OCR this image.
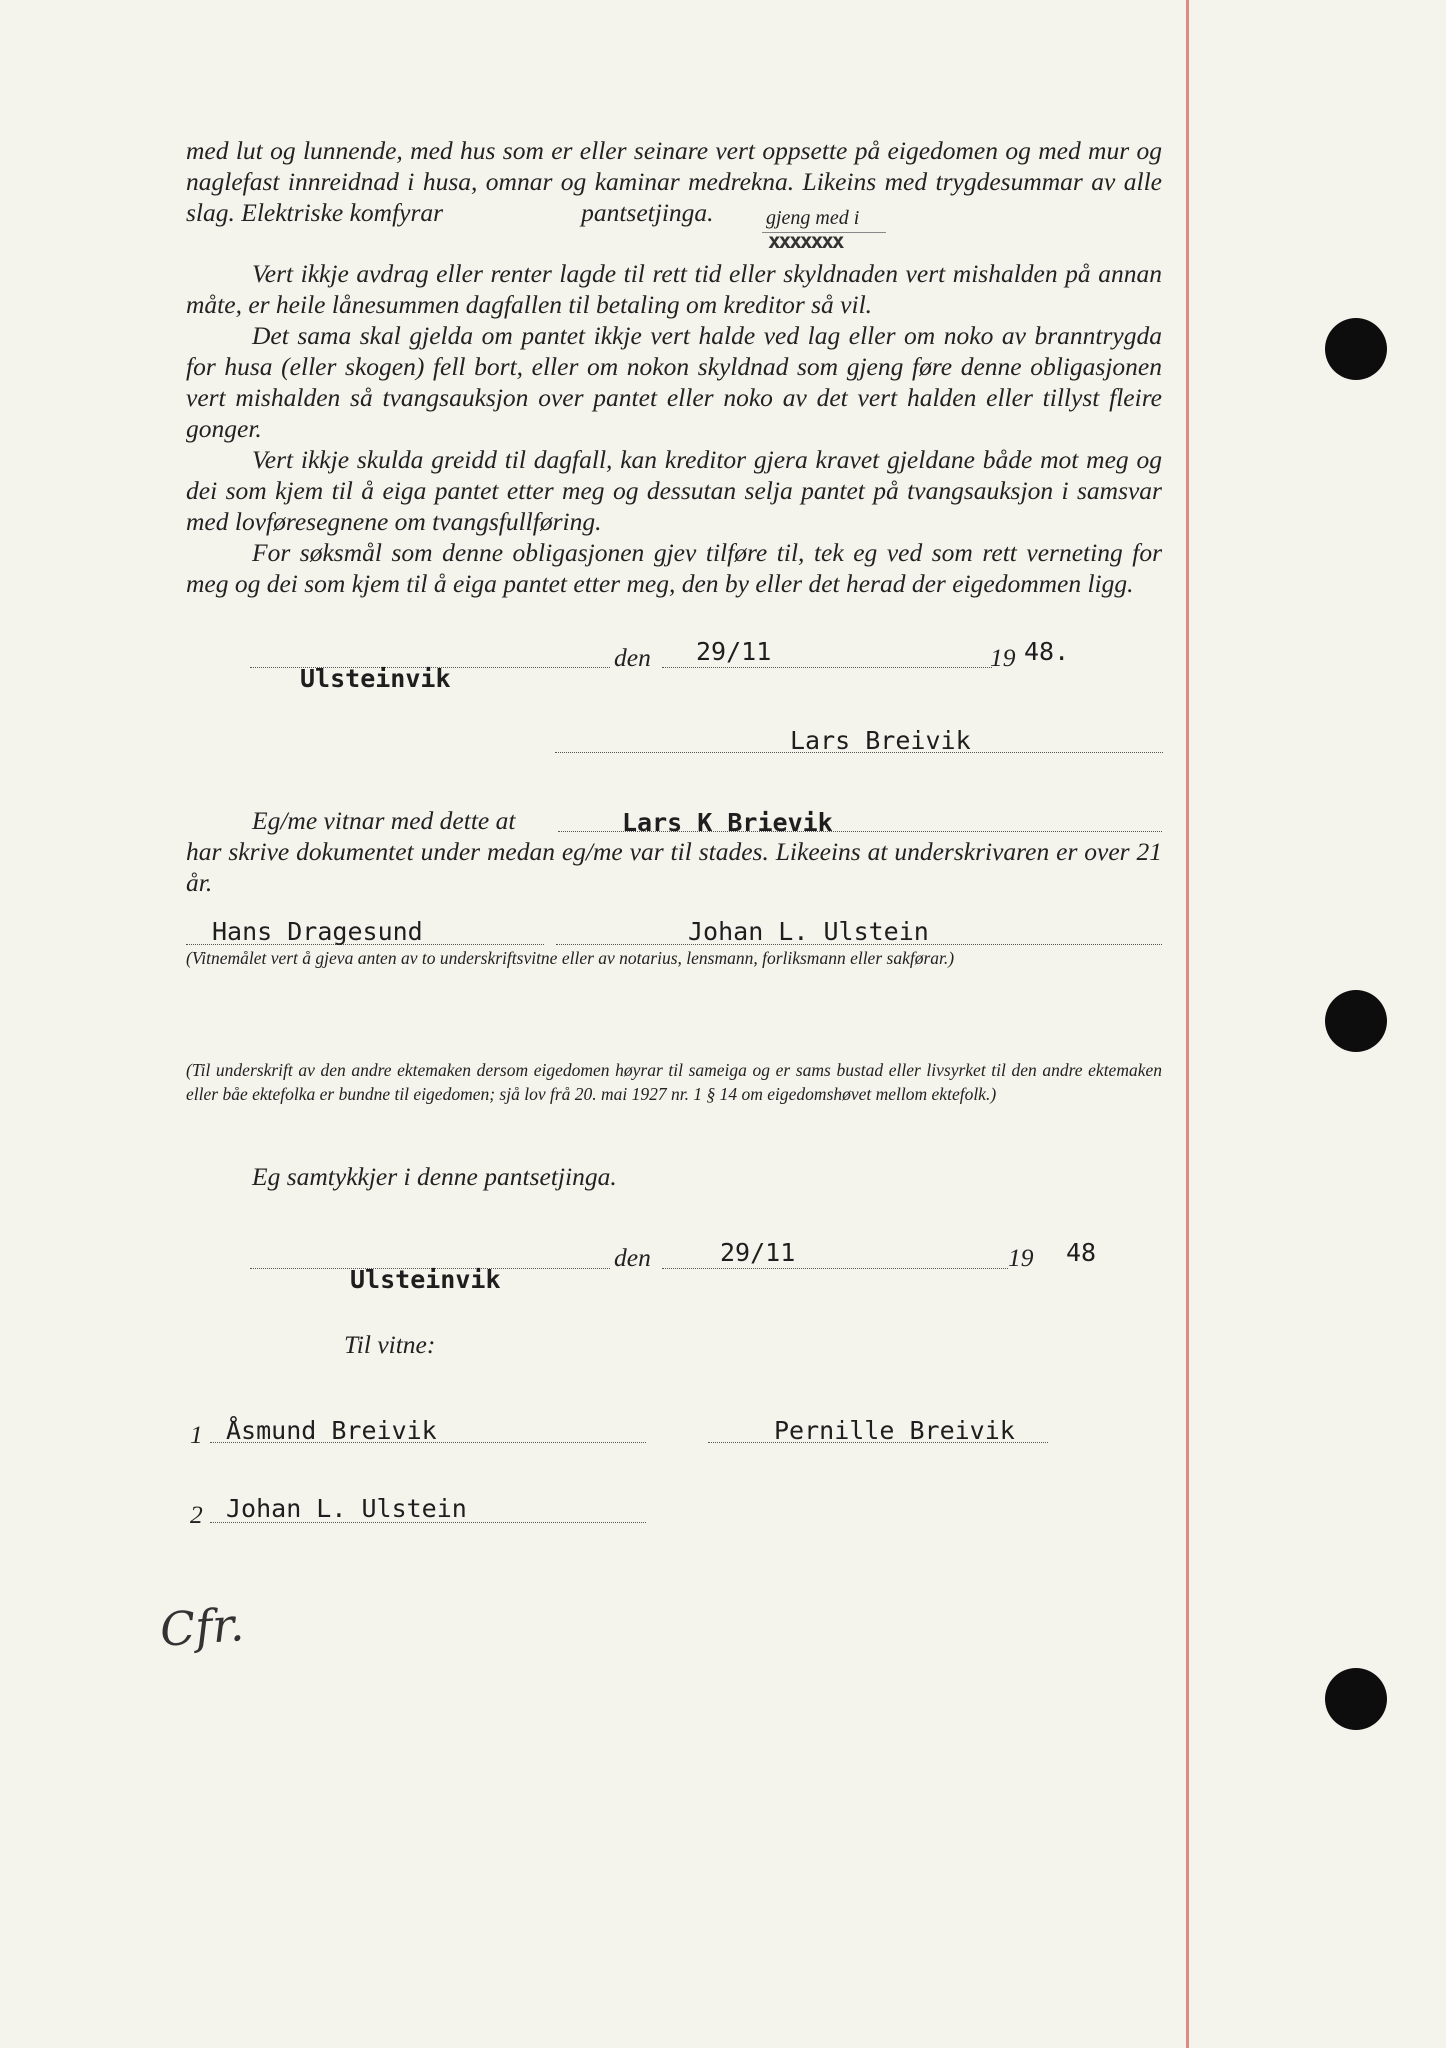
med lut og lunnende, med hus som er eller seinare vert oppsette på eigedomen og med mur og naglefast innreidnad i husa, omnar og kaminar medrekna. Likeins med trygdesummar av alle slag. Elektriske komfyrar	pantsetjinga.	gjeng med i
xxxxxxx

Vert ikkje avdrag eller renter lagde til rett tid eller skyldnaden vert mishalden på annan måte, er heile lånesummen dagfallen til betaling om kreditor så vil.

Det sama skal gjelda om pantet ikkje vert halde ved lag eller om noko av branntrygda for husa (eller skogen) fell bort, eller om nokon skyldnad som gjeng føre denne obligasjonen vert mishalden så tvangsauksjon over pantet eller noko av det vert halden eller tillyst fleire gonger.

Vert ikkje skulda greidd til dagfall, kan kreditor gjera kravet gjeldane både mot meg og dei som kjem til å eiga pantet etter meg og dessutan selja pantet på tvangsauksjon i samsvar med lovføresegnene om tvangsfullføring.

For søksmål som denne obligasjonen gjev tilføre til, tek eg ved som rett verneting for meg og dei som kjem til å eiga pantet etter meg, den by eller det herad der eigedommen ligg.

Ulsteinvik
den 29/11	19 48.
Lars Breivik
Eg/me vitnar med dette at	Lars K Brievik

har skrive dokumentet under medan eg/me var til stades. Likeeins at underskrivaren er over 21 år.

Hans Dragesund	Johan L. Ulstein

(Vitnemålet vert å gjeva anten av to underskriftsvitne eller av notarius, lensmann, forliksmann eller sakførar.)

(Til underskrift av den andre ektemaken dersom eigedomen høyrar til sameiga og er sams bustad eller livsyrket til den andre ektemaken eller båe ektefolka er bundne til eigedomen; sjå lov frå 20. mai 1927 nr. 1 § 14 om eigedomshøvet mellom ektefolk.)

Eg samtykkjer i denne pantsetjinga.
Ulsteinvik
den	29/11	19 48
Til vitne:
1 Åsmund Breivik	Pernille Breivik
2 Johan L. Ulstein
Cfr.
